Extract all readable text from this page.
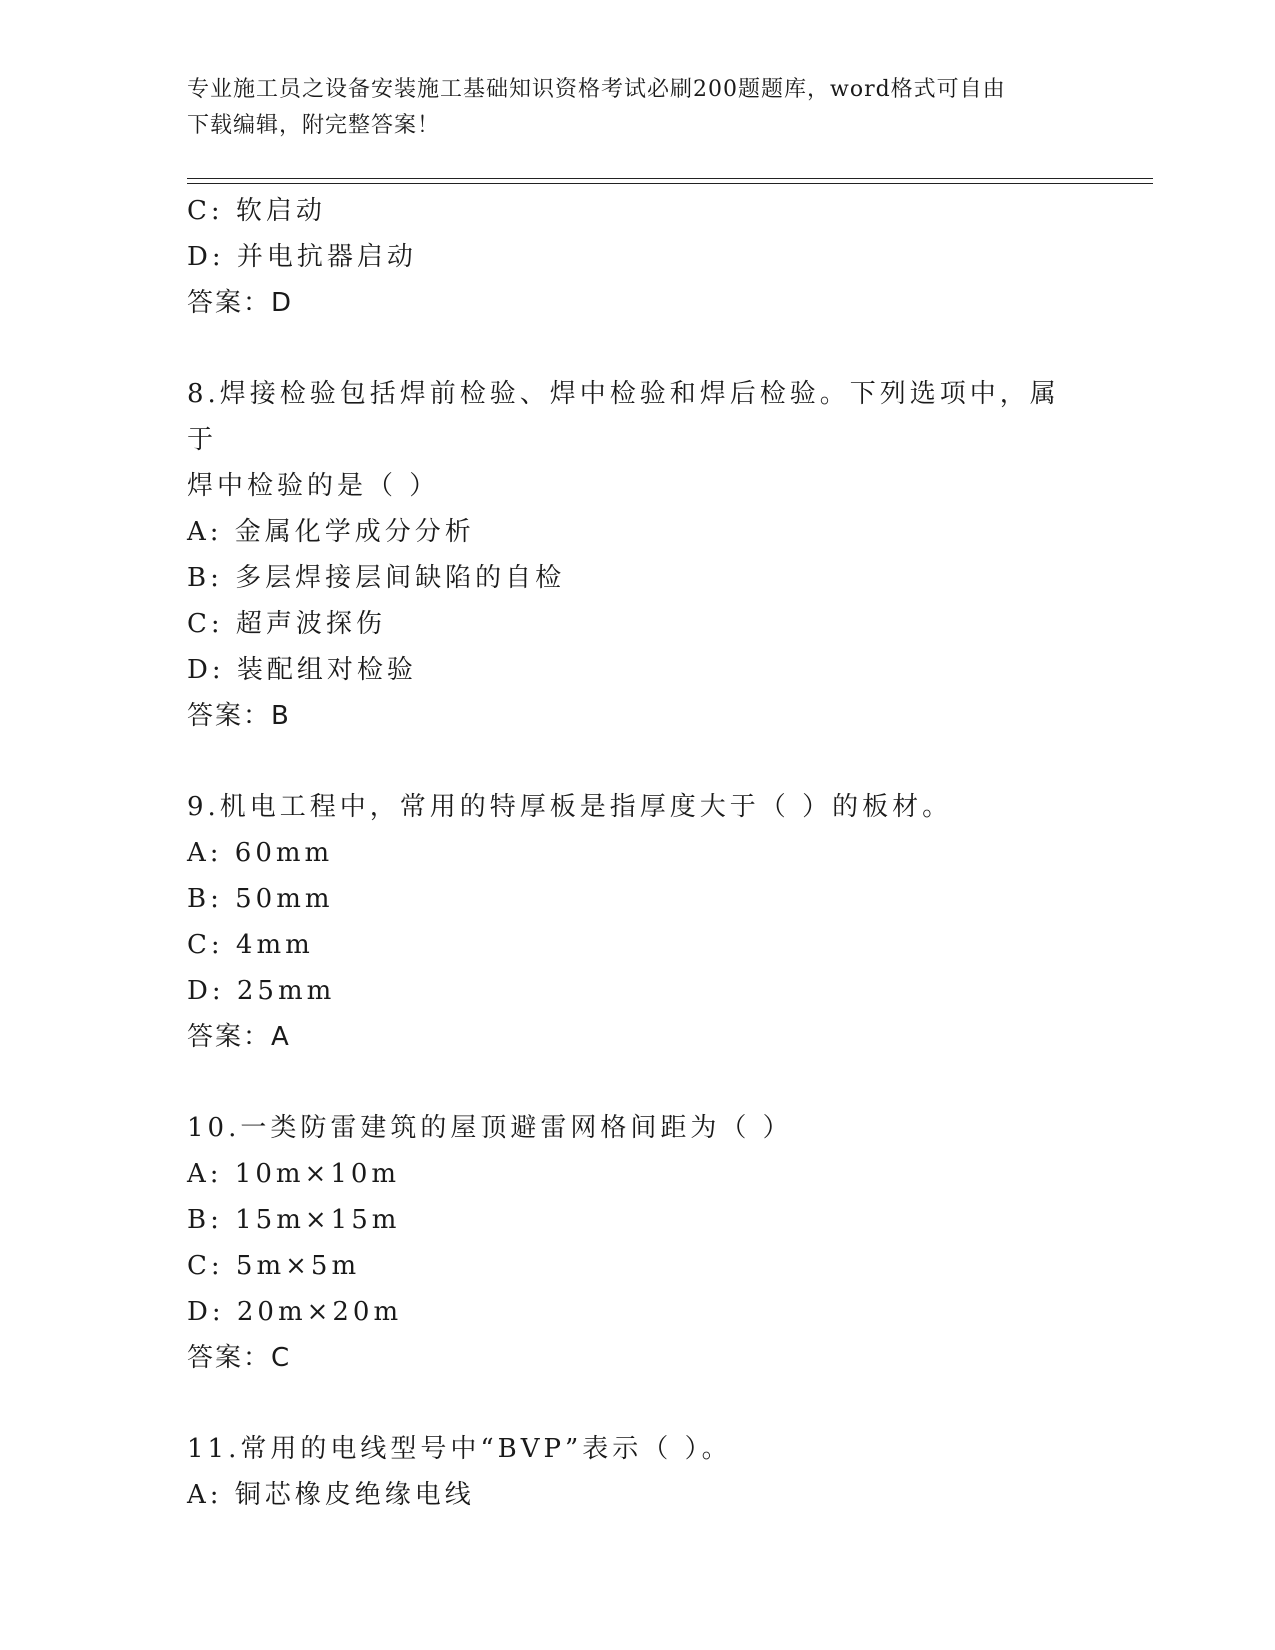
专业施工员之设备安装施工基础知识资格考试必刷200题题库，word格式可自由
下载编辑，附完整答案！
C: 软启动
D: 并电抗器启动
答案：D
8.焊接检验包括焊前检验、焊中检验和焊后检验。下列选项中，属于
焊中检验的是（ ）
A: 金属化学成分分析
B: 多层焊接层间缺陷的自检
C: 超声波探伤
D: 装配组对检验
答案：B
9.机电工程中，常用的特厚板是指厚度大于（ ）的板材。
A: 60mm
B: 50mm
C: 4mm
D: 25mm
答案：A
10.一类防雷建筑的屋顶避雷网格间距为（ ）
A: 10m×10m
B: 15m×15m
C: 5m×5m
D: 20m×20m
答案：C
11.常用的电线型号中“BVP”表示（ ）。
A: 铜芯橡皮绝缘电线
